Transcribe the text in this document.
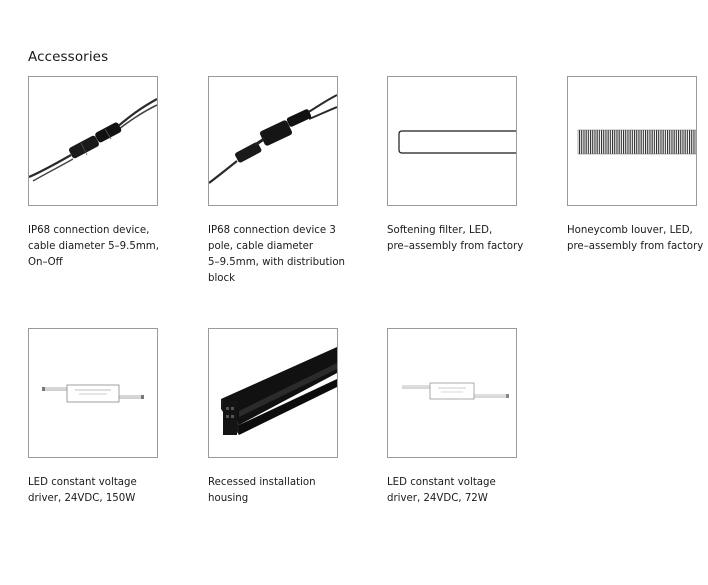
Accessories
IP68 connection device,
cable diameter 5–9.5mm,
On–Off
IP68 connection device 3
pole, cable diameter
5–9.5mm, with distribution
block
Softening filter, LED,
pre–assembly from factory
Honeycomb louver, LED,
pre–assembly from factory
LED constant voltage
driver, 24VDC, 150W
Recessed installation
housing
LED constant voltage
driver, 24VDC, 72W
